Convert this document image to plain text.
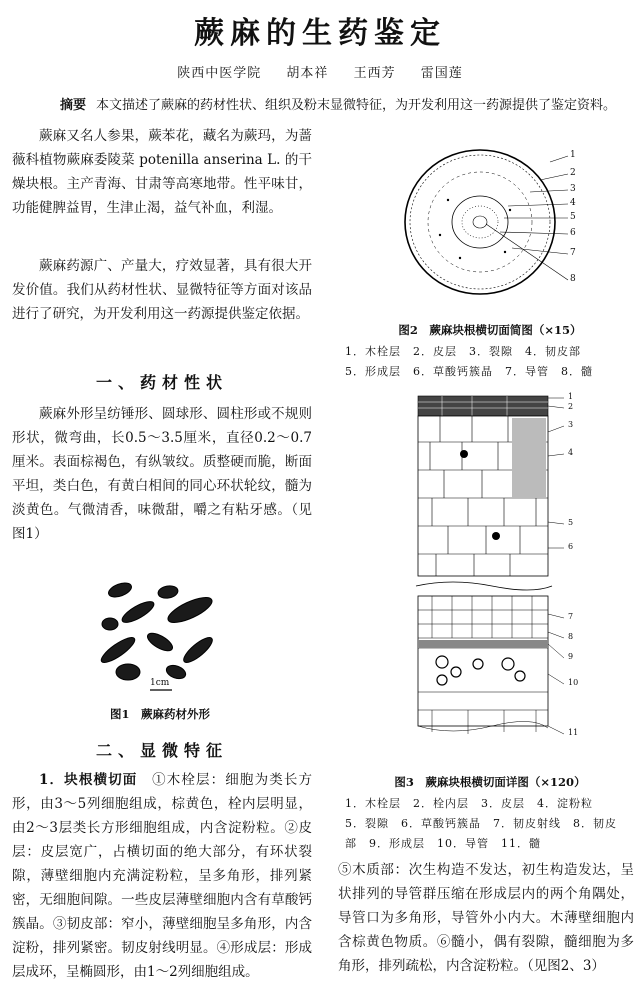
蕨麻的生药鉴定
陕西中医学院 胡本祥 王西芳 雷国莲
摘要 本文描述了蕨麻的药材性状、组织及粉末显微特征，为开发利用这一药源提供了鉴定资料。
蕨麻又名人参果，蕨苯花，藏名为蕨玛，为蔷薇科植物蕨麻委陵菜 potenilla anserina L. 的干燥块根。主产青海、甘肃等高寒地带。性平味甘，功能健脾益胃，生津止渴，益气补血，利湿。
蕨麻药源广、产量大，疗效显著，具有很大开发价值。我们从药材性状、显微特征等方面对该品进行了研究，为开发利用这一药源提供鉴定依据。
一、药材性状
蕨麻外形呈纺锤形、圆球形、圆柱形或不规则形状，微弯曲，长0.5～3.5厘米，直径0.2～0.7厘米。表面棕褐色，有纵皱纹。质整硬而脆，断面平坦，类白色，有黄白相间的同心环状轮纹，髓为淡黄色。气微清香，味微甜，嚼之有粘牙感。（见图1）
1cm
图1　蕨麻药材外形
二、显微特征
1．块根横切面　 ①木栓层：细胞为类长方形，由3～5列细胞组成，棕黄色，栓内层明显，由2～3层类长方形细胞组成，内含淀粉粒。②皮层：皮层宽广，占横切面的绝大部分，有环状裂隙，薄壁细胞内充满淀粉粒，呈多角形，排列紧密，无细胞间隙。一些皮层薄壁细胞内含有草酸钙簇晶。③韧皮部：窄小，薄壁细胞呈多角形，内含淀粉，排列紧密。韧皮射线明显。④形成层：形成层成环，呈椭圆形，由1～2列细胞组成。
1
2
3
4
5
6
7
8
图2　蕨麻块根横切面简图（×15）
1．木栓层　2．皮层　3．裂隙　4．韧皮部
5．形成层　6．草酸钙簇晶　7．导管　8．髓
1
2
3
4
5
6
7
8
9
10
11
图3　蕨麻块根横切面详图（×120）
1．木栓层　2．栓内层　3．皮层　4．淀粉粒
5．裂隙　6．草酸钙簇晶　7．韧皮射线　8．韧皮
部　9．形成层　10．导管　11．髓
⑤木质部：次生构造不发达，初生构造发达，呈状排列的导管群压缩在形成层内的两个角隅处，导管口为多角形，导管外小内大。木薄壁细胞内含棕黄色物质。⑥髓小，偶有裂隙，髓细胞为多角形，排列疏松，内含淀粉粒。（见图2、3）
